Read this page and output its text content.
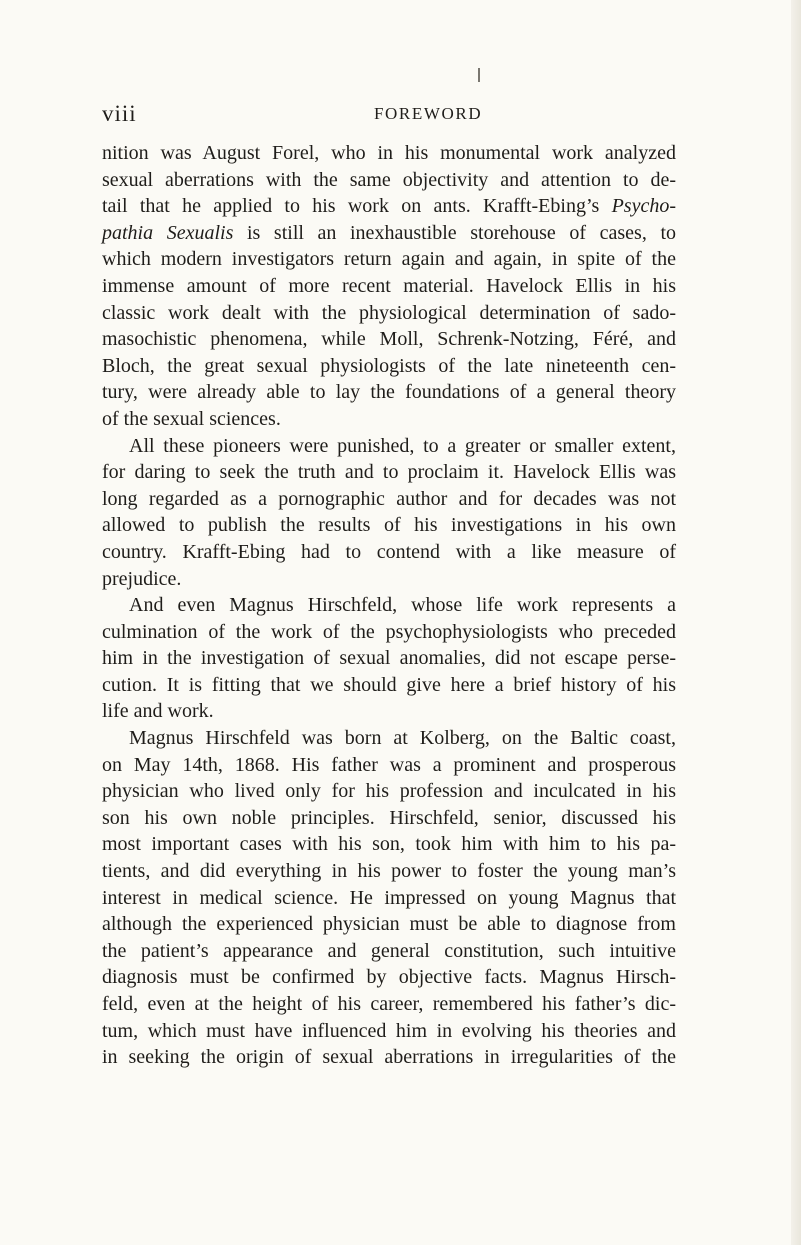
viii	FOREWORD
nition was August Forel, who in his monumental work analyzed
sexual aberrations with the same objectivity and attention to de-
tail that he applied to his work on ants. Krafft-Ebing’s Psycho-
pathia Sexualis is still an inexhaustible storehouse of cases, to
which modern investigators return again and again, in spite of the
immense amount of more recent material. Havelock Ellis in his
classic work dealt with the physiological determination of sado-
masochistic phenomena, while Moll, Schrenk-Notzing, Féré, and
Bloch, the great sexual physiologists of the late nineteenth cen-
tury, were already able to lay the foundations of a general theory
of the sexual sciences.
All these pioneers were punished, to a greater or smaller extent,
for daring to seek the truth and to proclaim it. Havelock Ellis was
long regarded as a pornographic author and for decades was not
allowed to publish the results of his investigations in his own
country. Krafft-Ebing had to contend with a like measure of
prejudice.
And even Magnus Hirschfeld, whose life work represents a
culmination of the work of the psychophysiologists who preceded
him in the investigation of sexual anomalies, did not escape perse-
cution. It is fitting that we should give here a brief history of his
life and work.
Magnus Hirschfeld was born at Kolberg, on the Baltic coast,
on May 14th, 1868. His father was a prominent and prosperous
physician who lived only for his profession and inculcated in his
son his own noble principles. Hirschfeld, senior, discussed his
most important cases with his son, took him with him to his pa-
tients, and did everything in his power to foster the young man’s
interest in medical science. He impressed on young Magnus that
although the experienced physician must be able to diagnose from
the patient’s appearance and general constitution, such intuitive
diagnosis must be confirmed by objective facts. Magnus Hirsch-
feld, even at the height of his career, remembered his father’s dic-
tum, which must have influenced him in evolving his theories and
in seeking the origin of sexual aberrations in irregularities of the
